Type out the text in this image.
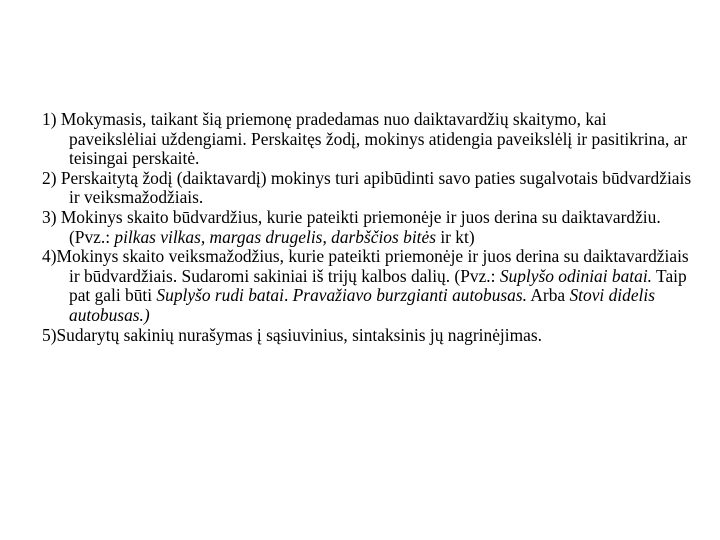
1) Mokymasis, taikant šią priemonę pradedamas nuo daiktavardžių skaitymo, kai paveikslėliai uždengiami. Perskaitęs žodį, mokinys atidengia paveikslėlį ir pasitikrina, ar teisingai perskaitė.

2) Perskaitytą žodį (daiktavardį) mokinys turi apibūdinti savo paties sugalvotais būdvardžiais ir veiksmažodžiais.

3) Mokinys skaito būdvardžius, kurie pateikti priemonėje ir juos derina su daiktavardžiu. (Pvz.: pilkas vilkas, margas drugelis, darbščios bitės ir kt)

4)Mokinys skaito veiksmažodžius, kurie pateikti priemonėje ir juos derina su daiktavardžiais ir būdvardžiais. Sudaromi sakiniai iš trijų kalbos dalių. (Pvz.: Suplyšo odiniai batai. Taip pat gali būti Suplyšo rudi batai. Pravažiavo burzgianti autobusas. Arba Stovi didelis autobusas.)

5)Sudarytų sakinių nurašymas į sąsiuvinius, sintaksinis jų nagrinėjimas.
